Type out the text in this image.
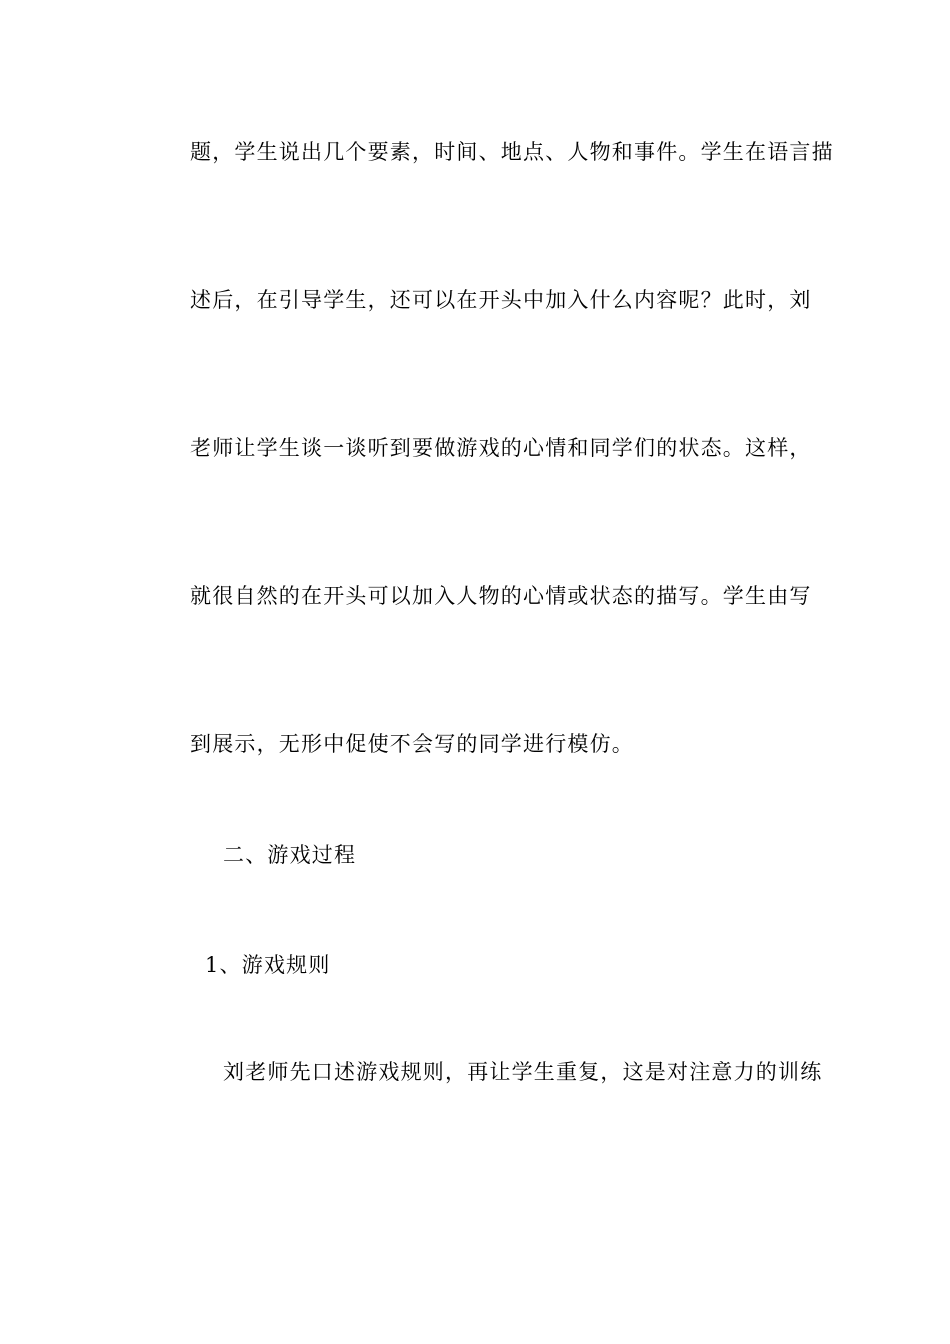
题，学生说出几个要素，时间、地点、人物和事件。学生在语言描
述后，在引导学生，还可以在开头中加入什么内容呢？此时，刘
老师让学生谈一谈听到要做游戏的心情和同学们的状态。这样，
就很自然的在开头可以加入人物的心情或状态的描写。学生由写
到展示，无形中促使不会写的同学进行模仿。
二、游戏过程
1、游戏规则
刘老师先口述游戏规则，再让学生重复，这是对注意力的训练
